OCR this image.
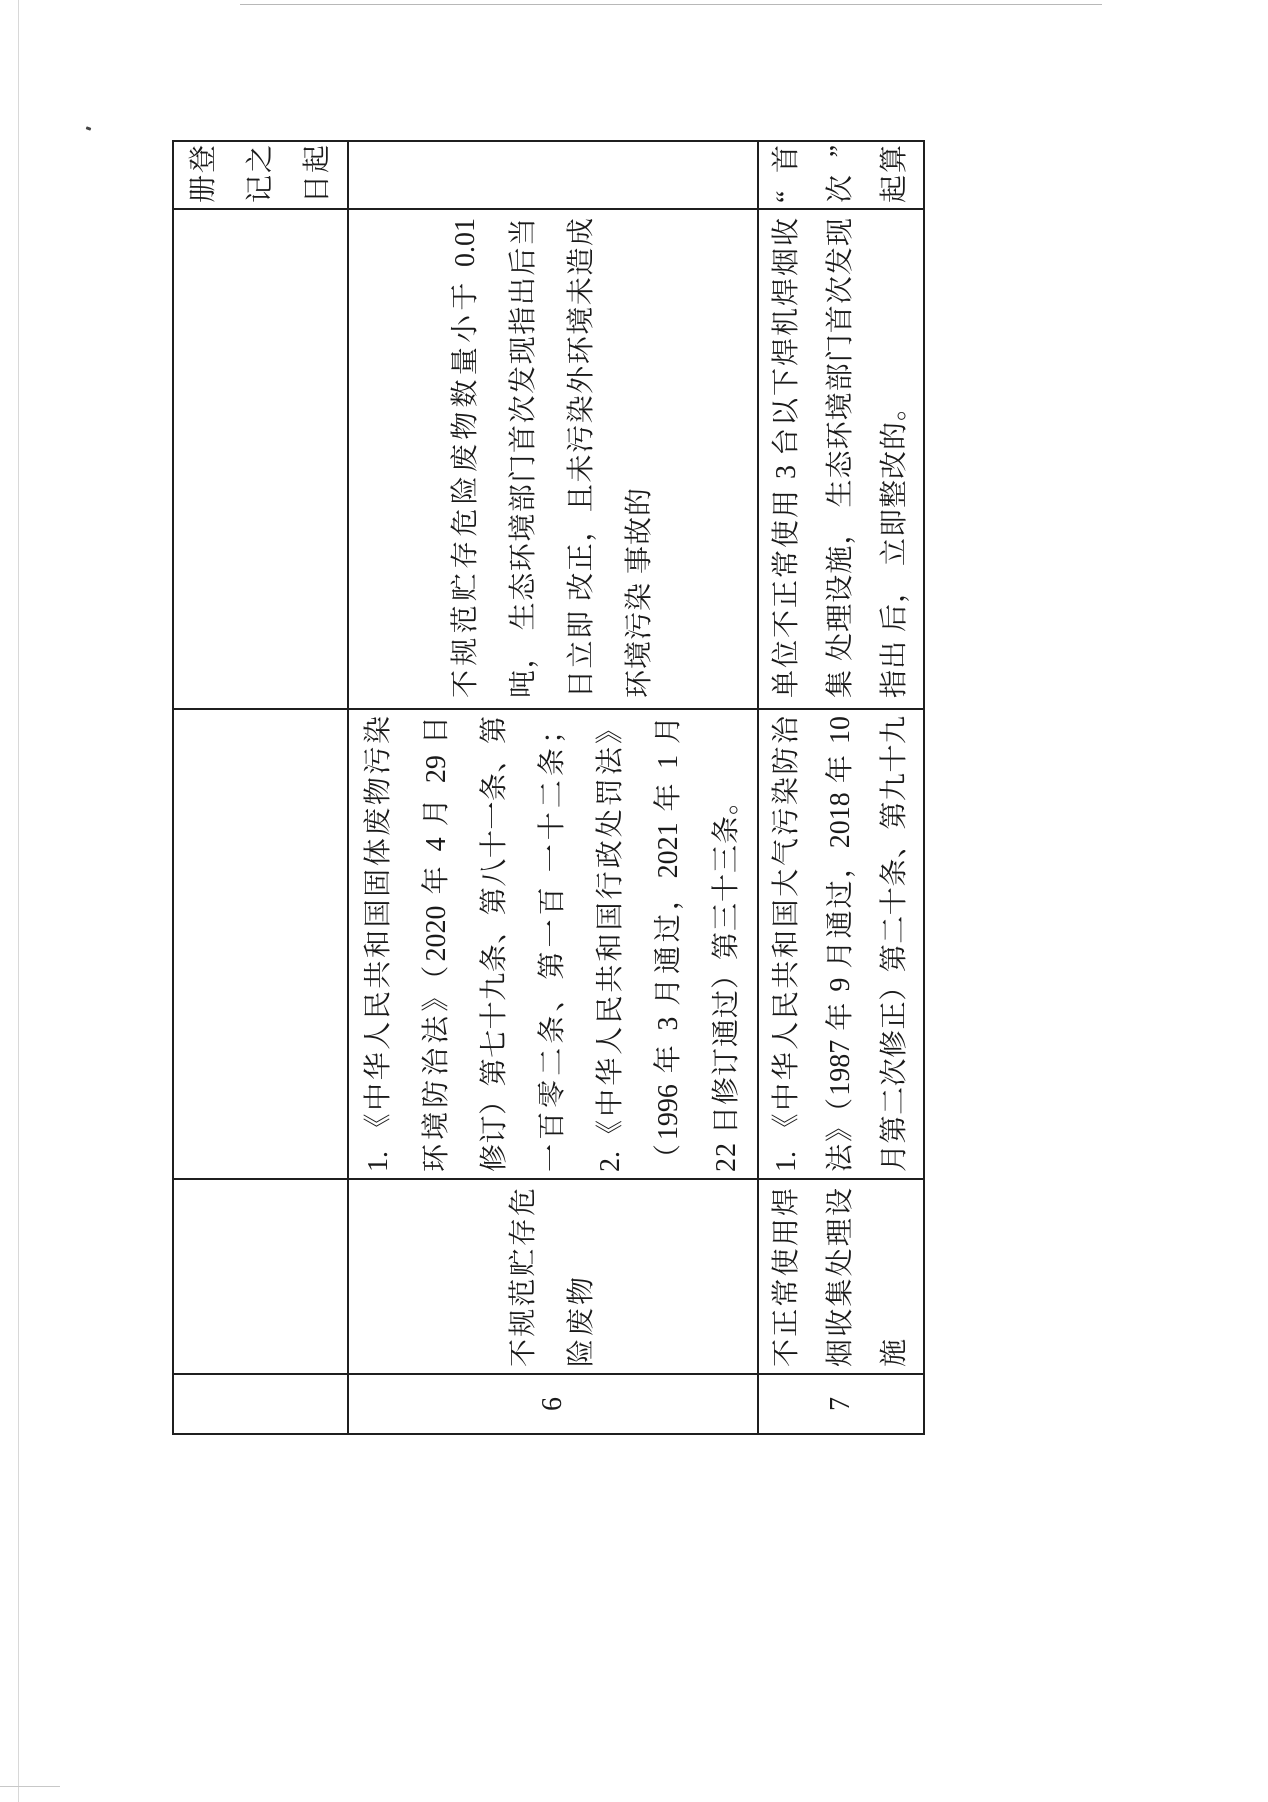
册登 记之 日起
6
不规范贮存危 险废物
1. 《中华人民共和国固体废物污染 环境防治法》（2020 年 4 月 29 日 修订）第七十九条、第八十一条、第 一百零二条、第一百 一十二条； 2.《中华人民共和国行政处罚法》 （1996 年 3 月通过，2021 年 1 月 22 日修订通过）第三十三条。
不规范贮存危险废物数量小于 0.01 吨， 生态环境部门首次发现指出后当 日立即 改正，且未污染外环境未造成 环境污染 事故的
7
不正常使用焊 烟收集处理设 施
1. 《中华人民共和国大气污染防治 法》（1987 年 9 月通过，2018 年 10 月第二次修正）第二十条、第九十九
单位不正常使用 3 台以下焊机焊烟收 集 处理设施， 生态环境部门首次发现 指出 后， 立即整改的。
“首 次” 起算
